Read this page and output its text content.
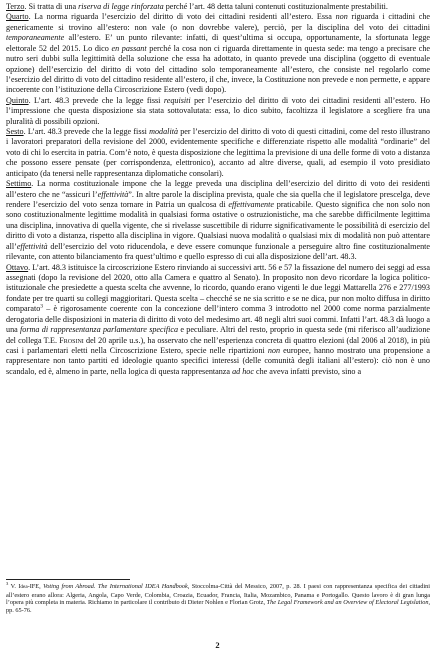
Terzo. Si tratta di una riserva di legge rinforzata perché l’art. 48 detta taluni contenuti costituzionalmente prestabiliti.

Quarto. La norma riguarda l’esercizio del diritto di voto dei cittadini residenti all’estero. Essa non riguarda i cittadini che genericamente si trovino all’estero: non vale (o non dovrebbe valere), perciò, per la disciplina del voto dei cittadini temporaneamente all’estero. E’ un punto rilevante: infatti, di quest’ultima si occupa, opportunamente, la sfortunata legge elettorale 52 del 2015. Lo dico en passant perché la cosa non ci riguarda direttamente in questa sede: ma tengo a precisare che nutro seri dubbi sulla legittimità della soluzione che essa ha adottato, in quanto prevede una disciplina (oggetto di eventuale opzione) dell’esercizio del diritto di voto del cittadino solo temporaneamente all’estero, che consiste nel regolarlo come l’esercizio del diritto di voto del cittadino residente all’estero, il che, invece, la Costituzione non prevede e non permette, e appare incoerente con l’istituzione della Circoscrizione Estero (vedi dopo).

Quinto. L’art. 48.3 prevede che la legge fissi requisiti per l’esercizio del diritto di voto dei cittadini residenti all’estero. Ho l’impressione che questa disposizione sia stata sottovalutata: essa, lo dico subito, facoltizza il legislatore a scegliere fra una pluralità di possibili opzioni.

Sesto. L’art. 48.3 prevede che la legge fissi modalità per l’esercizio del diritto di voto di questi cittadini, come del resto illustrano i lavoratori preparatori della revisione del 2000, evidentemente specifiche e differenziate rispetto alle modalità “ordinarie” del voto di chi lo esercita in patria. Com’è noto, è questa disposizione che legittima la previsione di una delle forme di voto a distanza che possono essere pensate (per corrispondenza, elettronico), accanto ad altre diverse, quali, ad esempio il voto presidiato anticipato (da tenersi nelle rappresentanza diplomatiche consolari).

Settimo. La norma costituzionale impone che la legge preveda una disciplina dell’esercizio del diritto di voto dei residenti all’estero che ne “assicuri l’effettività”. In altre parole la disciplina prevista, quale che sia quella che il legislatore prescelga, deve rendere l’esercizio del voto senza tornare in Patria un qualcosa di effettivamente praticabile. Questo significa che non solo non sono costituzionalmente legittime modalità in qualsiasi forma ostative o ostruzionistiche, ma che sarebbe difficilmente legittima una disciplina, innovativa di quella vigente, che si rivelasse suscettibile di ridurre significativamente le possibilità di esercizio del diritto di voto a distanza, rispetto alla disciplina in vigore. Qualsiasi nuova modalità o qualsiasi mix di modalità non può attentare all’effettività dell’esercizio del voto riducendola, e deve essere comunque funzionale a perseguire altro fine costituzionalmente rilevante, con attento bilanciamento fra quest’ultimo e quello espresso di cui alla disposizione dell’art. 48.3.

Ottavo. L’art. 48.3 istituisce la circoscrizione Estero rinviando ai successivi artt. 56 e 57 la fissazione del numero dei seggi ad essa assegnati (dopo la revisione del 2020, otto alla Camera e quattro al Senato). In proposito non devo ricordare la logica politico-istituzionale che presiedette a questa scelta che avvenne, lo ricordo, quando erano vigenti le due leggi Mattarella 276 e 277/1993 fondate per tre quarti su collegi maggioritari. Questa scelta – checché se ne sia scritto e se ne dica, pur non molto diffusa in diritto comparato$^3$ – è rigorosamente coerente con la concezione dell’intero comma 3 introdotto nel 2000 come norma parzialmente derogatoria delle disposizioni in materia di diritto di voto del medesimo art. 48 negli altri suoi commi. Infatti l’art. 48.3 dà luogo a una forma di rappresentanza parlamentare specifica e peculiare. Altri del resto, proprio in questa sede (mi riferisco all’audizione del collega T.E. Frosini del 20 aprile u.s.), ha osservato che nell’esperienza concreta di quattro elezioni (dal 2006 al 2018), in più casi i parlamentari eletti nella Circoscrizione Estero, specie nelle ripartizioni non europee, hanno mostrato una propensione a rappresentare non tanto partiti ed ideologie quanto specifici interessi (delle comunità degli italiani all’estero): ciò non è uno scandalo, ed è, almeno in parte, nella logica di questa rappresentanza ad hoc che aveva infatti previsto, sino a

$^3$ V. Idea-IFE, Voting from Abroad. The International IDEA Handbook, Stoccolma-Città del Messico, 2007, p. 28. I paesi con rappresentanza specifica dei cittadini all’estero erano allora: Algeria, Angola, Capo Verde, Colombia, Croazia, Ecuador, Francia, Italia, Mozambico, Panama e Portogallo. Questo lavoro è di gran lunga l’opera più completa in materia. Richiamo in particolare il contributo di Dieter Nohlen e Florian Grotz, The Legal Framework and an Overview of Electoral Legislation, pp. 65-76.

2
